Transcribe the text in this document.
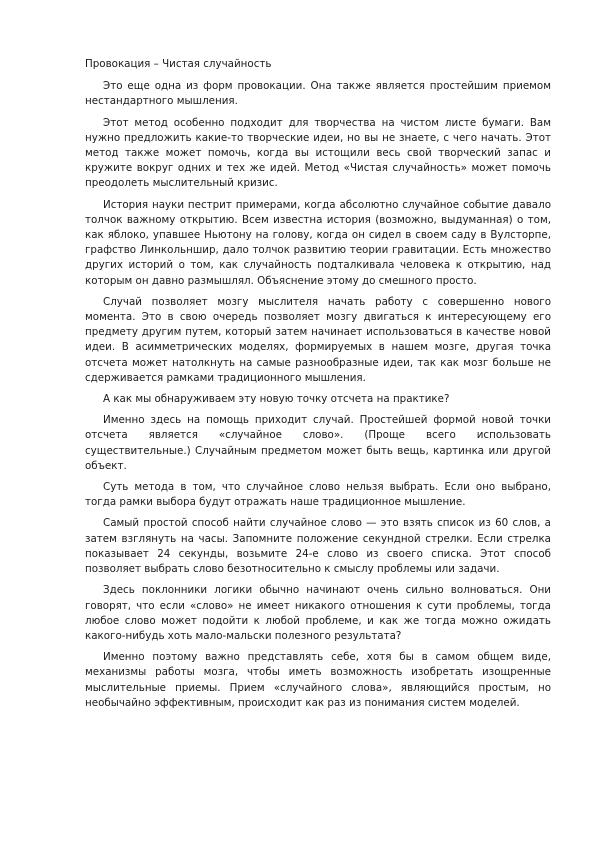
Провокация – Чистая случайность

Это еще одна из форм провокации. Она также является простейшим приемом нестандартного мышления.

Этот метод особенно подходит для творчества на чистом листе бумаги. Вам нужно предложить какие-то творческие идеи, но вы не знаете, с чего начать. Этот метод также может помочь, когда вы истощили весь свой творческий запас и кружите вокруг одних и тех же идей. Метод «Чистая случайность» может помочь преодолеть мыслительный кризис.

История науки пестрит примерами, когда абсолютно случайное событие давало толчок важному открытию. Всем известна история (возможно, выдуманная) о том, как яблоко, упавшее Ньютону на голову, когда он сидел в своем саду в Вулсторпе, графство Линкольншир, дало толчок развитию теории гравитации. Есть множество других историй о том, как случайность подталкивала человека к открытию, над которым он давно размышлял. Объяснение этому до смешного просто.

Случай позволяет мозгу мыслителя начать работу с совершенно нового момента. Это в свою очередь позволяет мозгу двигаться к интересующему его предмету другим путем, который затем начинает использоваться в качестве новой идеи. В асимметрических моделях, формируемых в нашем мозге, другая точка отсчета может натолкнуть на самые разнообразные идеи, так как мозг больше не сдерживается рамками традиционного мышления.

А как мы обнаруживаем эту новую точку отсчета на практике?

Именно здесь на помощь приходит случай. Простейшей формой новой точки отсчета является «случайное слово». (Проще всего использовать существительные.) Случайным предметом может быть вещь, картинка или другой объект.

Суть метода в том, что случайное слово нельзя выбрать. Если оно выбрано, тогда рамки выбора будут отражать наше традиционное мышление.

Самый простой способ найти случайное слово — это взять список из 60 слов, а затем взглянуть на часы. Запомните положение секундной стрелки. Если стрелка показывает 24 секунды, возьмите 24-е слово из своего списка. Этот способ позволяет выбрать слово безотносительно к смыслу проблемы или задачи.

Здесь поклонники логики обычно начинают очень сильно волноваться. Они говорят, что если «слово» не имеет никакого отношения к сути проблемы, тогда любое слово может подойти к любой проблеме, и как же тогда можно ожидать какого-нибудь хоть мало-мальски полезного результата?

Именно поэтому важно представлять себе, хотя бы в самом общем виде, механизмы работы мозга, чтобы иметь возможность изобретать изощренные мыслительные приемы. Прием «случайного слова», являющийся простым, но необычайно эффективным, происходит как раз из понимания систем моделей.
